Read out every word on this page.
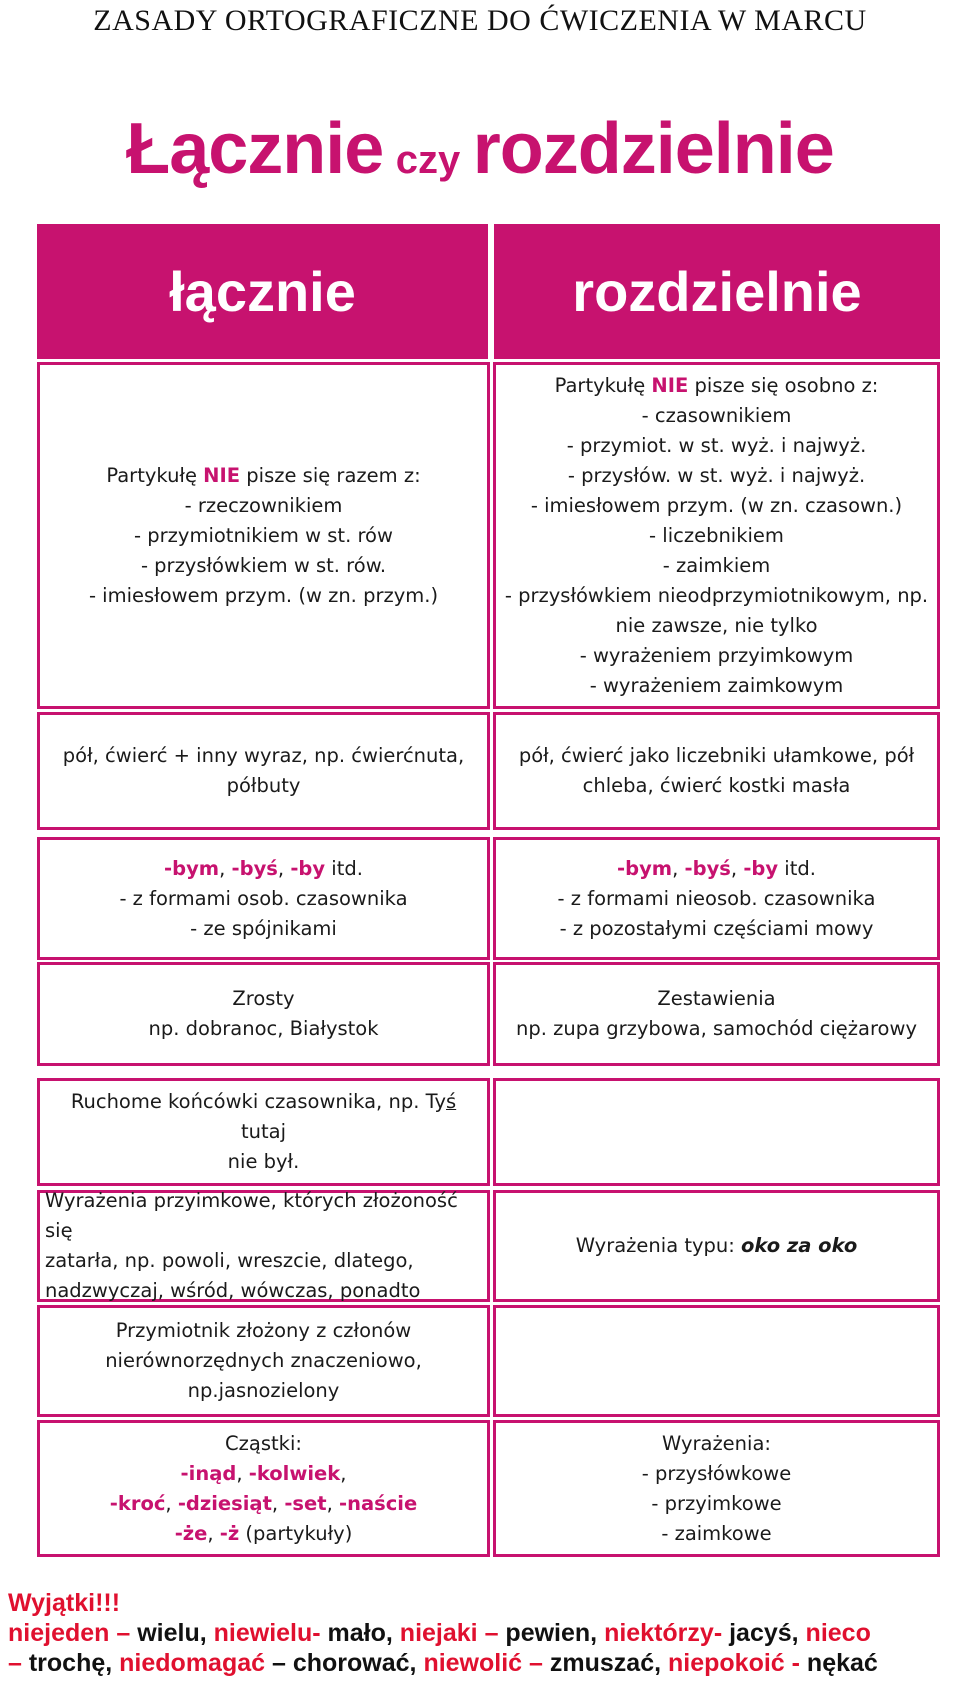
ZASADY ORTOGRAFICZNE DO ĆWICZENIA W MARCU
Łącznie czy rozdzielnie
łącznie	rozdzielnie
Partykułę NIE pisze się razem z:
- rzeczownikiem
- przymiotnikiem w st. rów
- przysłówkiem w st. rów.
- imiesłowem przym. (w zn. przym.)
Partykułę NIE pisze się osobno z:
- czasownikiem
- przymiot. w st. wyż. i najwyż.
- przysłów. w st. wyż. i najwyż.
- imiesłowem przym. (w zn. czasown.)
- liczebnikiem
- zaimkiem
- przysłówkiem nieodprzymiotnikowym, np.
nie zawsze, nie tylko
- wyrażeniem przyimkowym
- wyrażeniem zaimkowym
pół, ćwierć + inny wyraz, np. ćwierćnuta,
półbuty
pół, ćwierć jako liczebniki ułamkowe, pół
chleba, ćwierć kostki masła
-bym, -byś, -by itd.
- z formami osob. czasownika
- ze spójnikami
-bym, -byś, -by itd.
- z formami nieosob. czasownika
- z pozostałymi częściami mowy
Zrosty
np. dobranoc, Białystok
Zestawienia
np. zupa grzybowa, samochód ciężarowy
Ruchome końcówki czasownika, np. Tyś tutaj
nie był.
Wyrażenia przyimkowe, których złożoność się
zatarła, np. powoli, wreszcie, dlatego,
nadzwyczaj, wśród, wówczas, ponadto
Wyrażenia typu: oko za oko
Przymiotnik złożony z członów
nierównorzędnych znaczeniowo,
np.jasnozielony
Cząstki:
-inąd, -kolwiek,
-kroć, -dziesiąt, -set, -naście
-że, -ż (partykuły)
Wyrażenia:
- przysłówkowe
- przyimkowe
- zaimkowe
Wyjątki!!!
niejeden – wielu, niewielu- mało, niejaki – pewien, niektórzy- jacyś, nieco
– trochę, niedomagać – chorować, niewolić – zmuszać, niepokoić - nękać
